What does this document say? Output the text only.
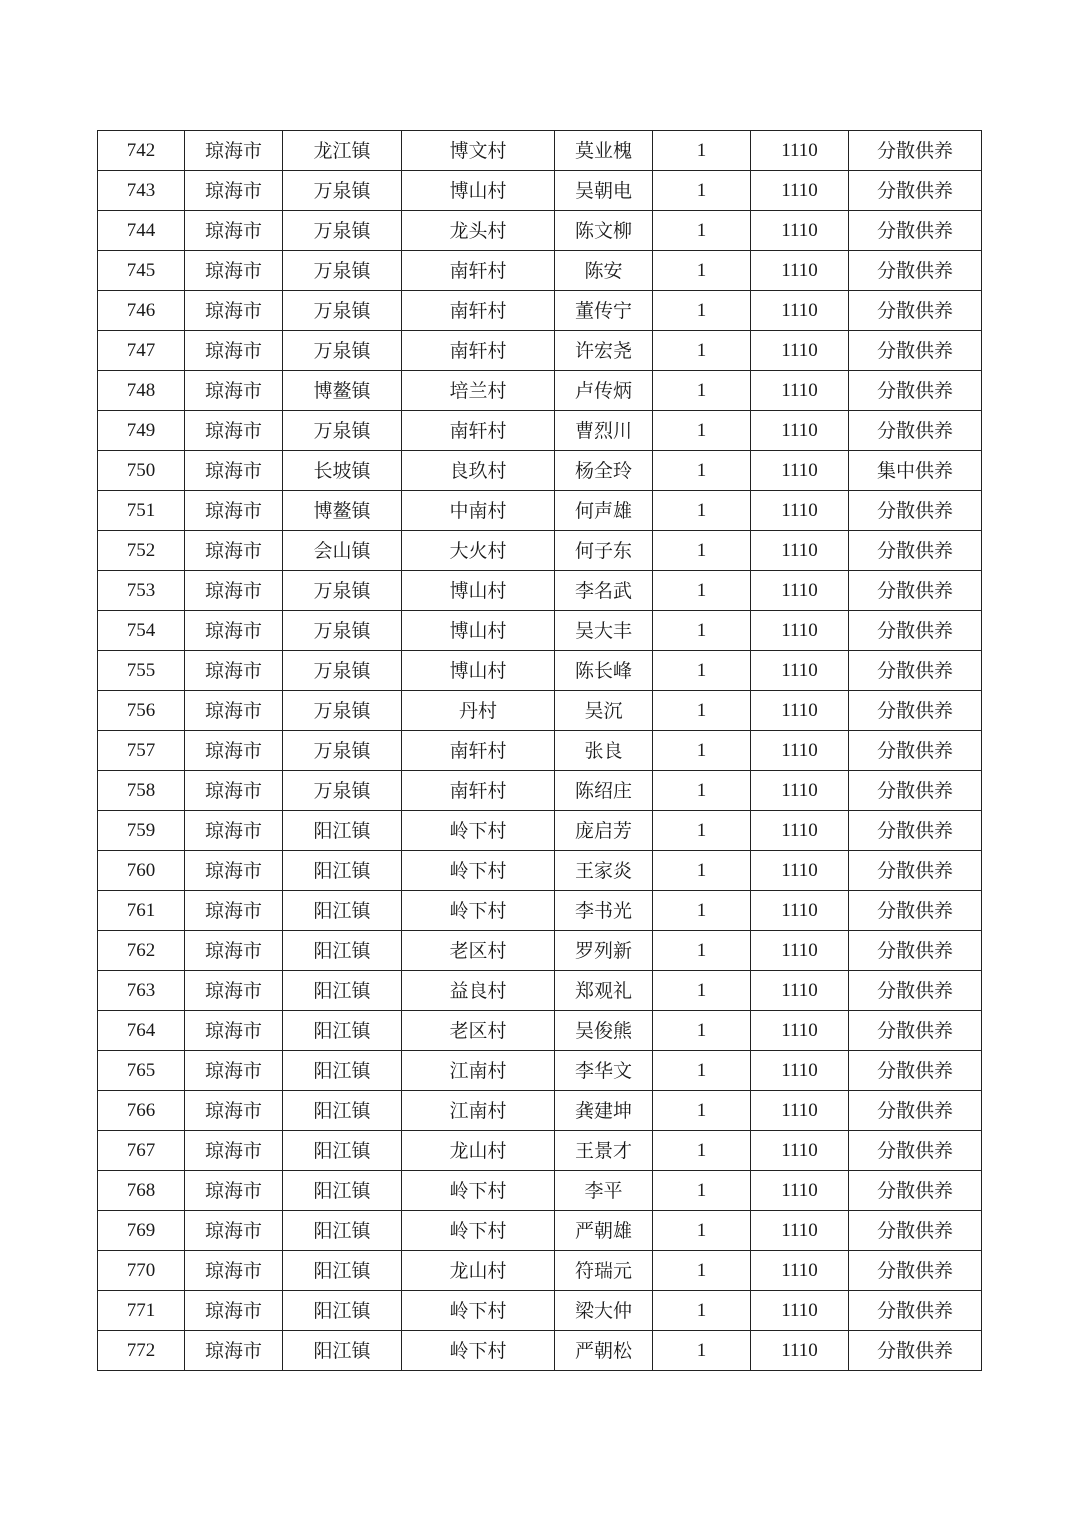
742	琼海市	龙江镇	博文村	莫业槐	1	1110	分散供养
743	琼海市	万泉镇	博山村	吴朝电	1	1110	分散供养
744	琼海市	万泉镇	龙头村	陈文柳	1	1110	分散供养
745	琼海市	万泉镇	南轩村	陈安	1	1110	分散供养
746	琼海市	万泉镇	南轩村	董传宁	1	1110	分散供养
747	琼海市	万泉镇	南轩村	许宏尧	1	1110	分散供养
748	琼海市	博鳌镇	培兰村	卢传炳	1	1110	分散供养
749	琼海市	万泉镇	南轩村	曹烈川	1	1110	分散供养
750	琼海市	长坡镇	良玖村	杨全玲	1	1110	集中供养
751	琼海市	博鳌镇	中南村	何声雄	1	1110	分散供养
752	琼海市	会山镇	大火村	何子东	1	1110	分散供养
753	琼海市	万泉镇	博山村	李名武	1	1110	分散供养
754	琼海市	万泉镇	博山村	吴大丰	1	1110	分散供养
755	琼海市	万泉镇	博山村	陈长峰	1	1110	分散供养
756	琼海市	万泉镇	丹村	吴沉	1	1110	分散供养
757	琼海市	万泉镇	南轩村	张良	1	1110	分散供养
758	琼海市	万泉镇	南轩村	陈绍庄	1	1110	分散供养
759	琼海市	阳江镇	岭下村	庞启芳	1	1110	分散供养
760	琼海市	阳江镇	岭下村	王家炎	1	1110	分散供养
761	琼海市	阳江镇	岭下村	李书光	1	1110	分散供养
762	琼海市	阳江镇	老区村	罗列新	1	1110	分散供养
763	琼海市	阳江镇	益良村	郑观礼	1	1110	分散供养
764	琼海市	阳江镇	老区村	吴俊熊	1	1110	分散供养
765	琼海市	阳江镇	江南村	李华文	1	1110	分散供养
766	琼海市	阳江镇	江南村	龚建坤	1	1110	分散供养
767	琼海市	阳江镇	龙山村	王景才	1	1110	分散供养
768	琼海市	阳江镇	岭下村	李平	1	1110	分散供养
769	琼海市	阳江镇	岭下村	严朝雄	1	1110	分散供养
770	琼海市	阳江镇	龙山村	符瑞元	1	1110	分散供养
771	琼海市	阳江镇	岭下村	梁大仲	1	1110	分散供养
772	琼海市	阳江镇	岭下村	严朝松	1	1110	分散供养
